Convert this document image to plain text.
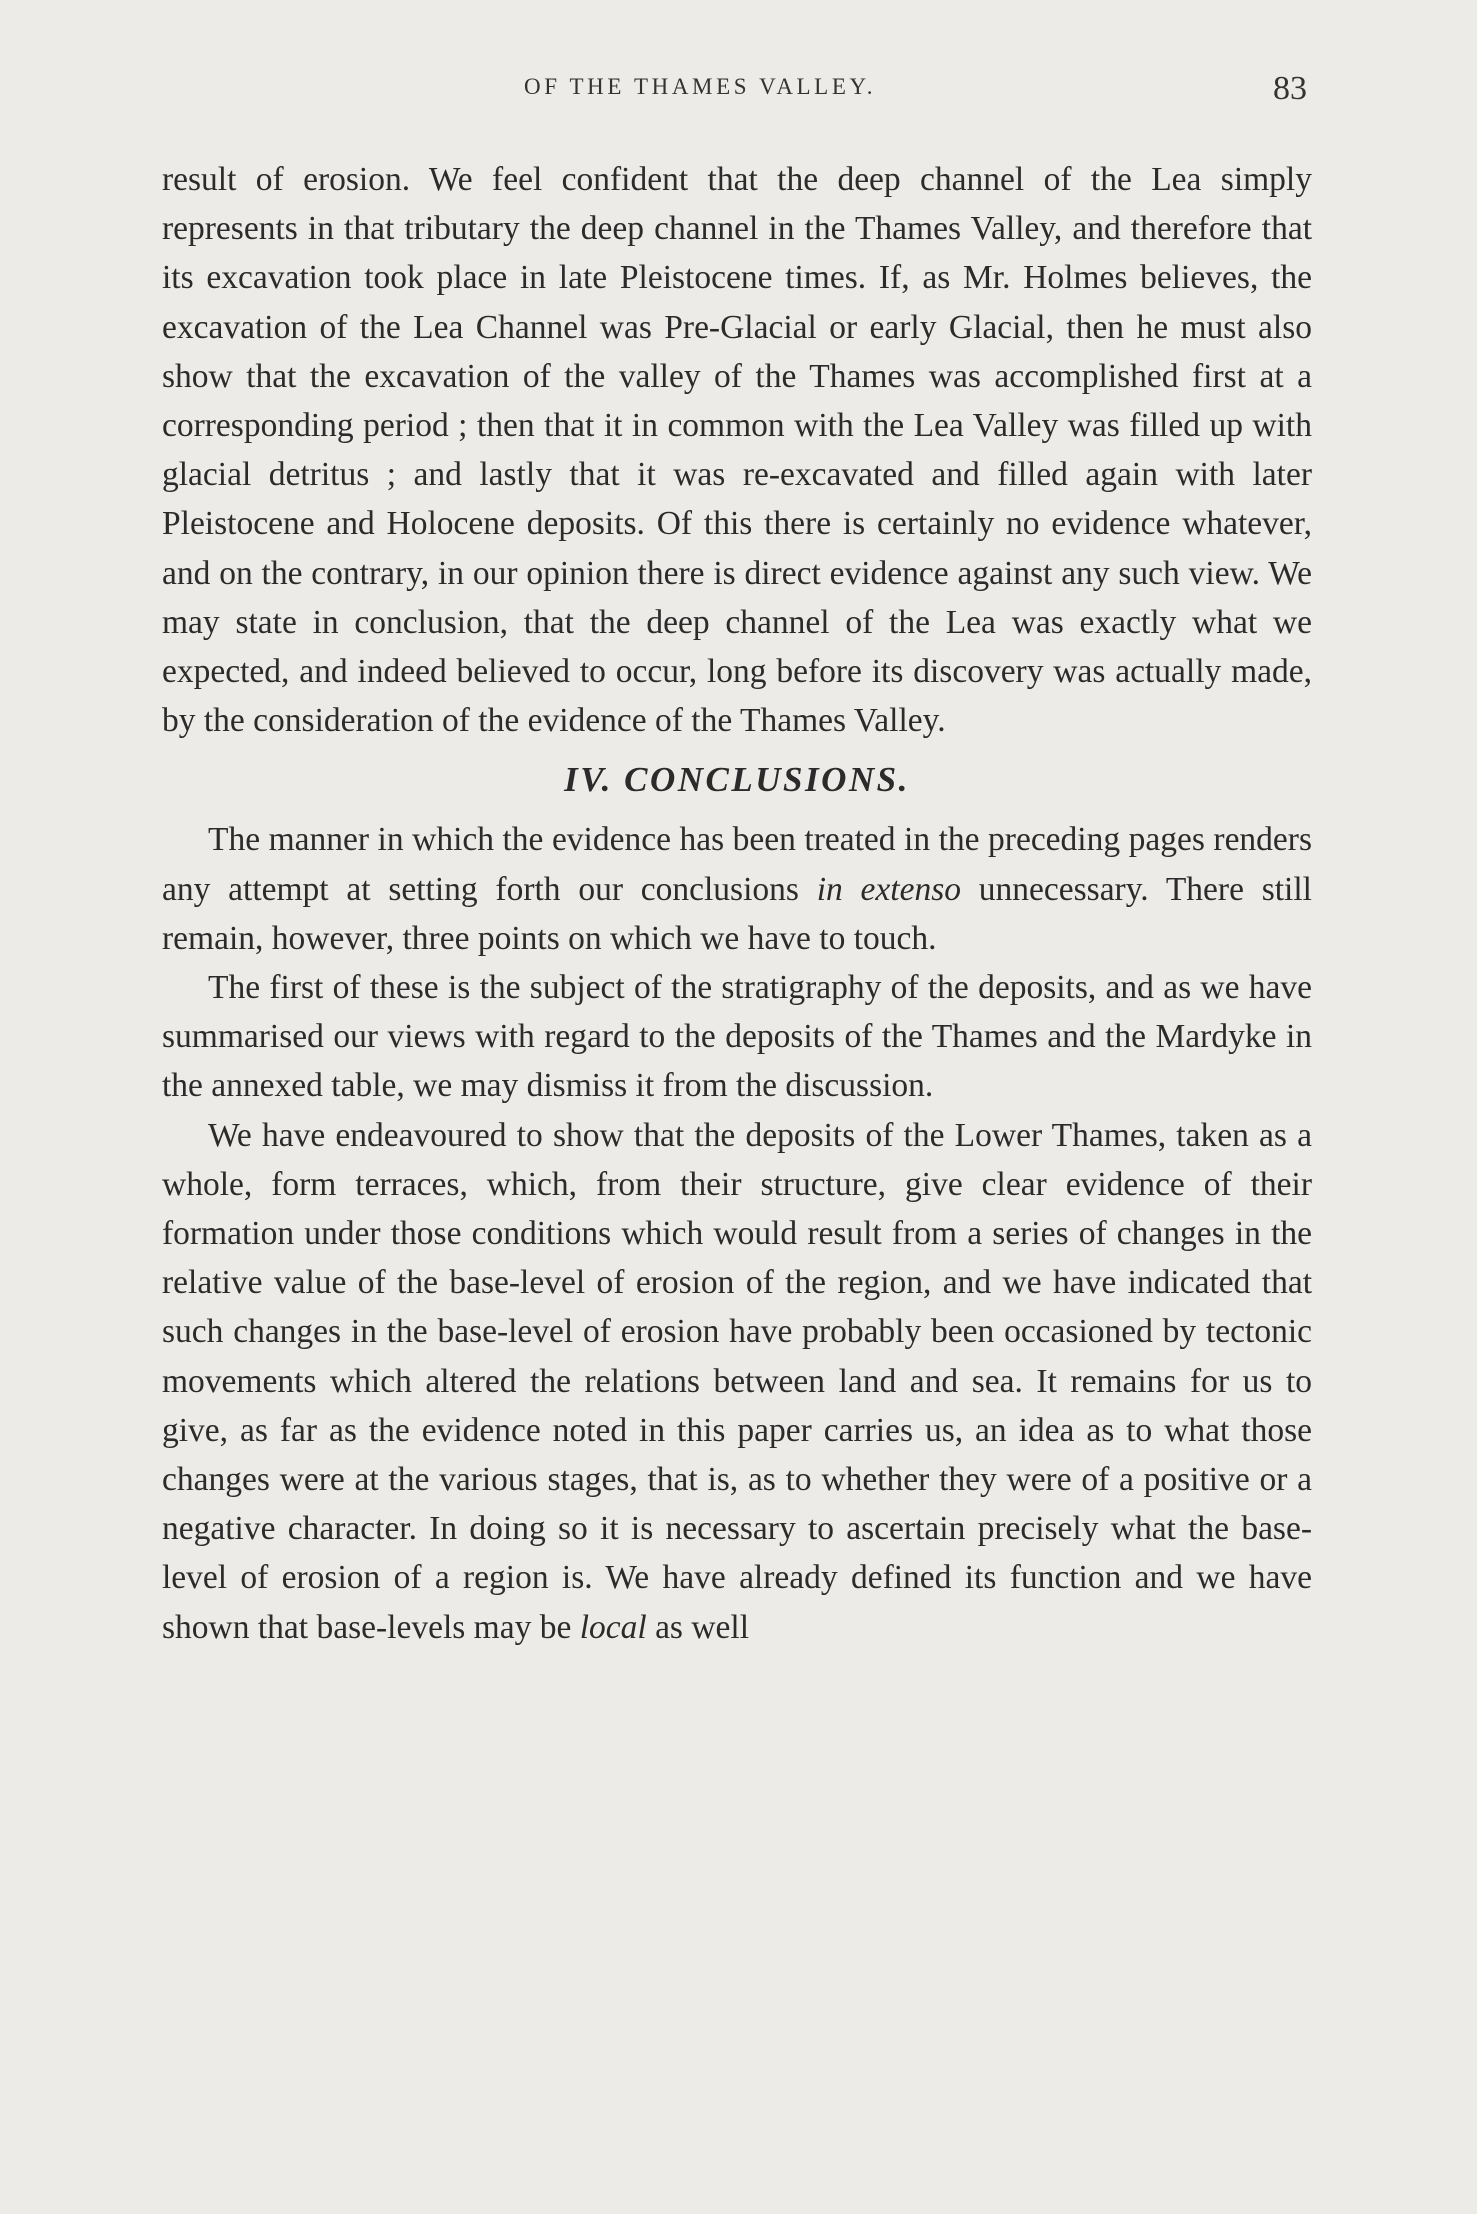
OF THE THAMES VALLEY.	83

result of erosion. We feel confident that the deep channel of the Lea simply represents in that tributary the deep channel in the Thames Valley, and therefore that its excavation took place in late Pleistocene times. If, as Mr. Holmes believes, the excavation of the Lea Channel was Pre-Glacial or early Glacial, then he must also show that the excavation of the valley of the Thames was accomplished first at a corresponding period ; then that it in common with the Lea Valley was filled up with glacial detritus ; and lastly that it was re-excavated and filled again with later Pleistocene and Holocene deposits. Of this there is certainly no evidence whatever, and on the contrary, in our opinion there is direct evidence against any such view. We may state in conclusion, that the deep channel of the Lea was exactly what we expected, and indeed believed to occur, long before its discovery was actually made, by the consideration of the evidence of the Thames Valley.

IV. CONCLUSIONS.

The manner in which the evidence has been treated in the preceding pages renders any attempt at setting forth our conclusions in extenso unnecessary. There still remain, however, three points on which we have to touch.

The first of these is the subject of the stratigraphy of the deposits, and as we have summarised our views with regard to the deposits of the Thames and the Mardyke in the annexed table, we may dismiss it from the discussion.

We have endeavoured to show that the deposits of the Lower Thames, taken as a whole, form terraces, which, from their structure, give clear evidence of their formation under those conditions which would result from a series of changes in the relative value of the base-level of erosion of the region, and we have indicated that such changes in the base-level of erosion have probably been occasioned by tectonic movements which altered the relations between land and sea. It remains for us to give, as far as the evidence noted in this paper carries us, an idea as to what those changes were at the various stages, that is, as to whether they were of a positive or a negative character. In doing so it is necessary to ascertain precisely what the base-level of erosion of a region is. We have already defined its function and we have shown that base-levels may be local as well
